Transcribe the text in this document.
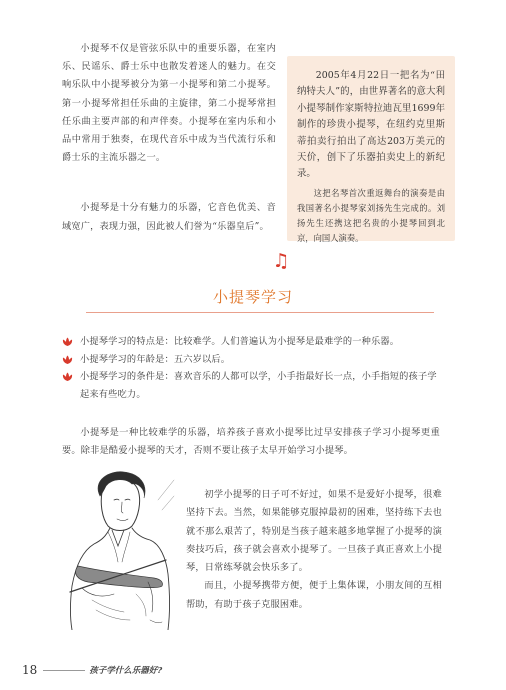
小提琴不仅是管弦乐队中的重要乐器，在室内乐、民谣乐、爵士乐中也散发着迷人的魅力。在交响乐队中小提琴被分为第一小提琴和第二小提琴。第一小提琴常担任乐曲的主旋律，第二小提琴常担任乐曲主要声部的和声伴奏。小提琴在室内乐和小品中常用于独奏，在现代音乐中成为当代流行乐和爵士乐的主流乐器之一。

小提琴是十分有魅力的乐器，它音色优美、音域宽广，表现力强，因此被人们誉为“乐器皇后”。

2005年4月22日一把名为“田纳特夫人”的，由世界著名的意大利小提琴制作家斯特拉迪瓦里1699年制作的珍贵小提琴，在纽约克里斯蒂拍卖行拍出了高达203万美元的天价，创下了乐器拍卖史上的新纪录。

这把名琴首次重返舞台的演奏是由我国著名小提琴家刘扬先生完成的。刘扬先生还携这把名贵的小提琴回到北京，向国人演奏。

♫
小提琴学习
小提琴学习的特点是：比较难学。人们普遍认为小提琴是最难学的一种乐器。
小提琴学习的年龄是：五六岁以后。
小提琴学习的条件是：喜欢音乐的人都可以学，小手指最好长一点，小手指短的孩子学起来有些吃力。

小提琴是一种比较难学的乐器，培养孩子喜欢小提琴比过早安排孩子学习小提琴更重要。除非是酷爱小提琴的天才，否则不要让孩子太早开始学习小提琴。

初学小提琴的日子可不好过，如果不是爱好小提琴，很难坚持下去。当然，如果能够克服掉最初的困难，坚持练下去也就不那么艰苦了，特别是当孩子越来越多地掌握了小提琴的演奏技巧后，孩子就会喜欢小提琴了。一旦孩子真正喜欢上小提琴，日常练琴就会快乐多了。

而且，小提琴携带方便，便于上集体课，小朋友间的互相帮助，有助于孩子克服困难。

18	孩子学什么乐器好?
